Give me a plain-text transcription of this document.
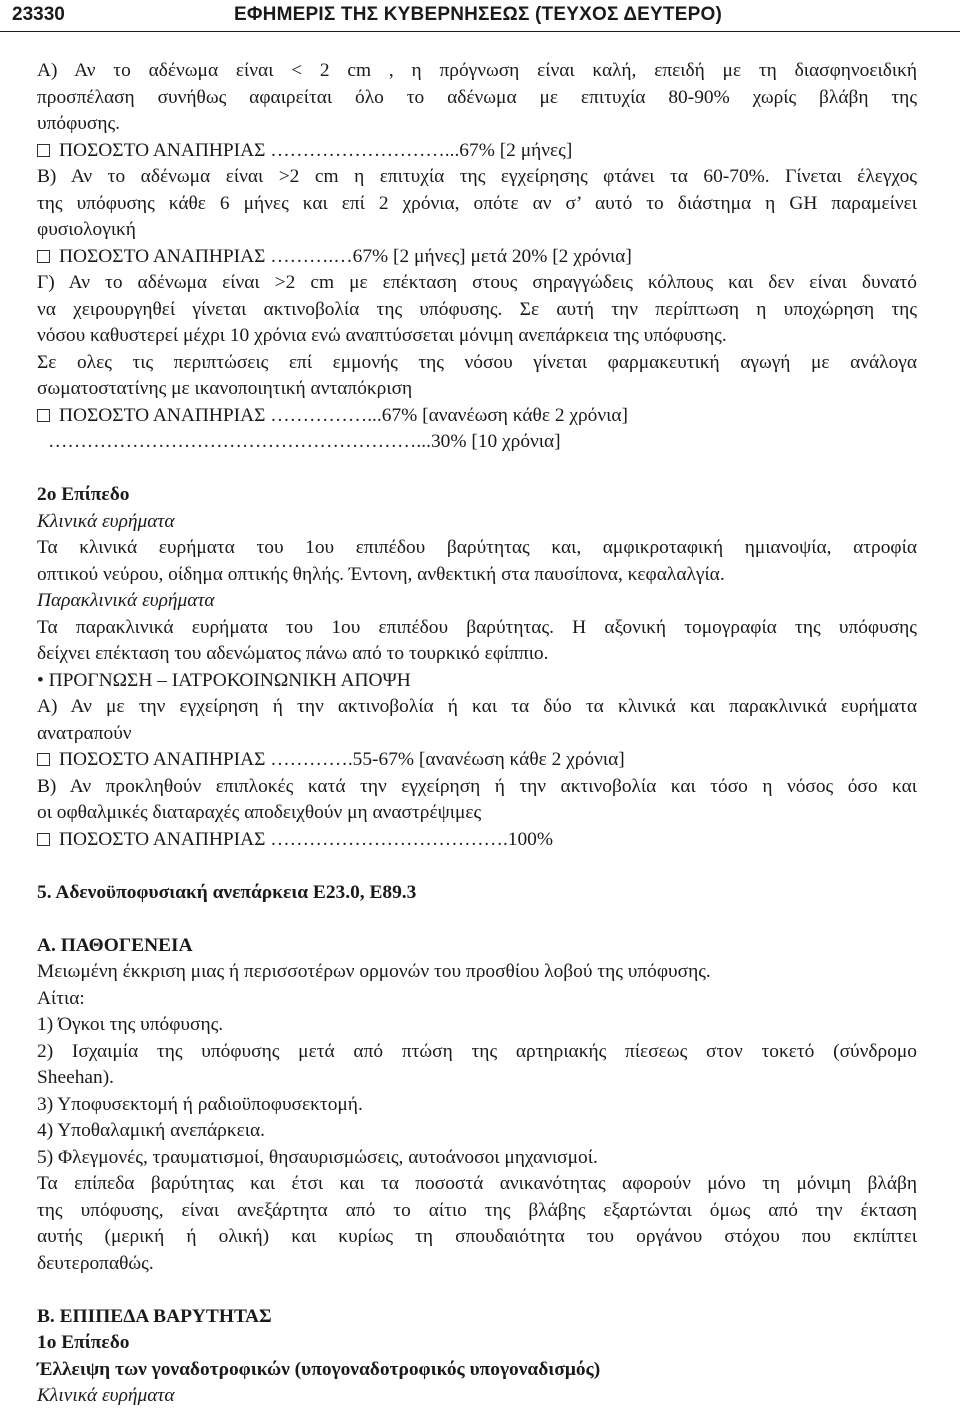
23330	ΕΦΗΜΕΡΙΣ ΤΗΣ ΚΥΒΕΡΝΗΣΕΩΣ (ΤΕΥΧΟΣ ΔΕΥΤΕΡΟ)
Α) Αν το αδένωμα είναι < 2 cm , η πρόγνωση είναι καλή, επειδή με τη διασφηνοειδική
προσπέλαση συνήθως αφαιρείται όλο το αδένωμα με επιτυχία 80-90% χωρίς βλάβη της
υπόφυσης.
ΠΟΣΟΣΤΟ ΑΝΑΠΗΡΙΑΣ ………………………...67% [2 μήνες]
Β) Αν το αδένωμα είναι >2 cm η επιτυχία της εγχείρησης φτάνει τα 60-70%. Γίνεται έλεγχος
της υπόφυσης κάθε 6 μήνες και επί 2 χρόνια, οπότε αν σ’ αυτό το διάστημα η GH παραμείνει
φυσιολογική
ΠΟΣΟΣΤΟ ΑΝΑΠΗΡΙΑΣ ……….…67% [2 μήνες] μετά 20% [2 χρόνια]
Γ) Αν το αδένωμα είναι >2 cm με επέκταση στους σηραγγώδεις κόλπους και δεν είναι δυνατό
να χειρουργηθεί γίνεται ακτινοβολία της υπόφυσης. Σε αυτή την περίπτωση η υποχώρηση της
νόσου καθυστερεί μέχρι 10 χρόνια ενώ αναπτύσσεται μόνιμη ανεπάρκεια της υπόφυσης.
Σε ολες τις περιπτώσεις επί εμμονής της νόσου γίνεται φαρμακευτική αγωγή με ανάλογα
σωματοστατίνης με ικανοποιητική ανταπόκριση
ΠΟΣΟΣΤΟ ΑΝΑΠΗΡΙΑΣ ……………...67% [ανανέωση κάθε 2 χρόνια]
…………………………………………………...30% [10 χρόνια]
2ο Επίπεδο
Κλινικά ευρήματα
Τα κλινικά ευρήματα του 1ου επιπέδου βαρύτητας και, αμφικροταφική ημιανοψία, ατροφία
οπτικού νεύρου, οίδημα οπτικής θηλής. Έντονη, ανθεκτική στα παυσίπονα, κεφαλαλγία.
Παρακλινικά ευρήματα
Τα παρακλινικά ευρήματα του 1ου επιπέδου βαρύτητας. Η αξονική τομογραφία της υπόφυσης
δείχνει επέκταση του αδενώματος πάνω από το τουρκικό εφίππιο.
• ΠΡΟΓΝΩΣΗ – ΙΑΤΡΟΚΟΙΝΩΝΙΚΗ ΑΠΟΨΗ
Α) Αν με την εγχείρηση ή την ακτινοβολία ή και τα δύο τα κλινικά και παρακλινικά ευρήματα
ανατραπούν
ΠΟΣΟΣΤΟ ΑΝΑΠΗΡΙΑΣ ………….55-67% [ανανέωση κάθε 2 χρόνια]
Β) Αν προκληθούν επιπλοκές κατά την εγχείρηση ή την ακτινοβολία και τόσο η νόσος όσο και
οι οφθαλμικές διαταραχές αποδειχθούν μη αναστρέψιμες
ΠΟΣΟΣΤΟ ΑΝΑΠΗΡΙΑΣ ……………………………….100%
5. Αδενοϋποφυσιακή ανεπάρκεια Ε23.0, Ε89.3
Α. ΠΑΘΟΓΕΝΕΙΑ
Μειωμένη έκκριση μιας ή περισσοτέρων ορμονών του προσθίου λοβού της υπόφυσης.
Αίτια:
1) Όγκοι της υπόφυσης.
2) Ισχαιμία της υπόφυσης μετά από πτώση της αρτηριακής πίεσεως στον τοκετό (σύνδρομο
Sheehan).
3) Υποφυσεκτομή ή ραδιοϋποφυσεκτομή.
4) Υποθαλαμική ανεπάρκεια.
5) Φλεγμονές, τραυματισμοί, θησαυρισμώσεις, αυτοάνοσοι μηχανισμοί.
Τα επίπεδα βαρύτητας και έτσι και τα ποσοστά ανικανότητας αφορούν μόνο τη μόνιμη βλάβη
της υπόφυσης, είναι ανεξάρτητα από το αίτιο της βλάβης εξαρτώνται όμως από την έκταση
αυτής (μερική ή ολική) και κυρίως τη σπουδαιότητα του οργάνου στόχου που εκπίπτει
δευτεροπαθώς.
Β. ΕΠΙΠΕΔΑ ΒΑΡΥΤΗΤΑΣ
1ο Επίπεδο
Έλλειψη των γοναδοτροφικών (υπογοναδοτροφικός υπογοναδισμός)
Κλινικά ευρήματα
